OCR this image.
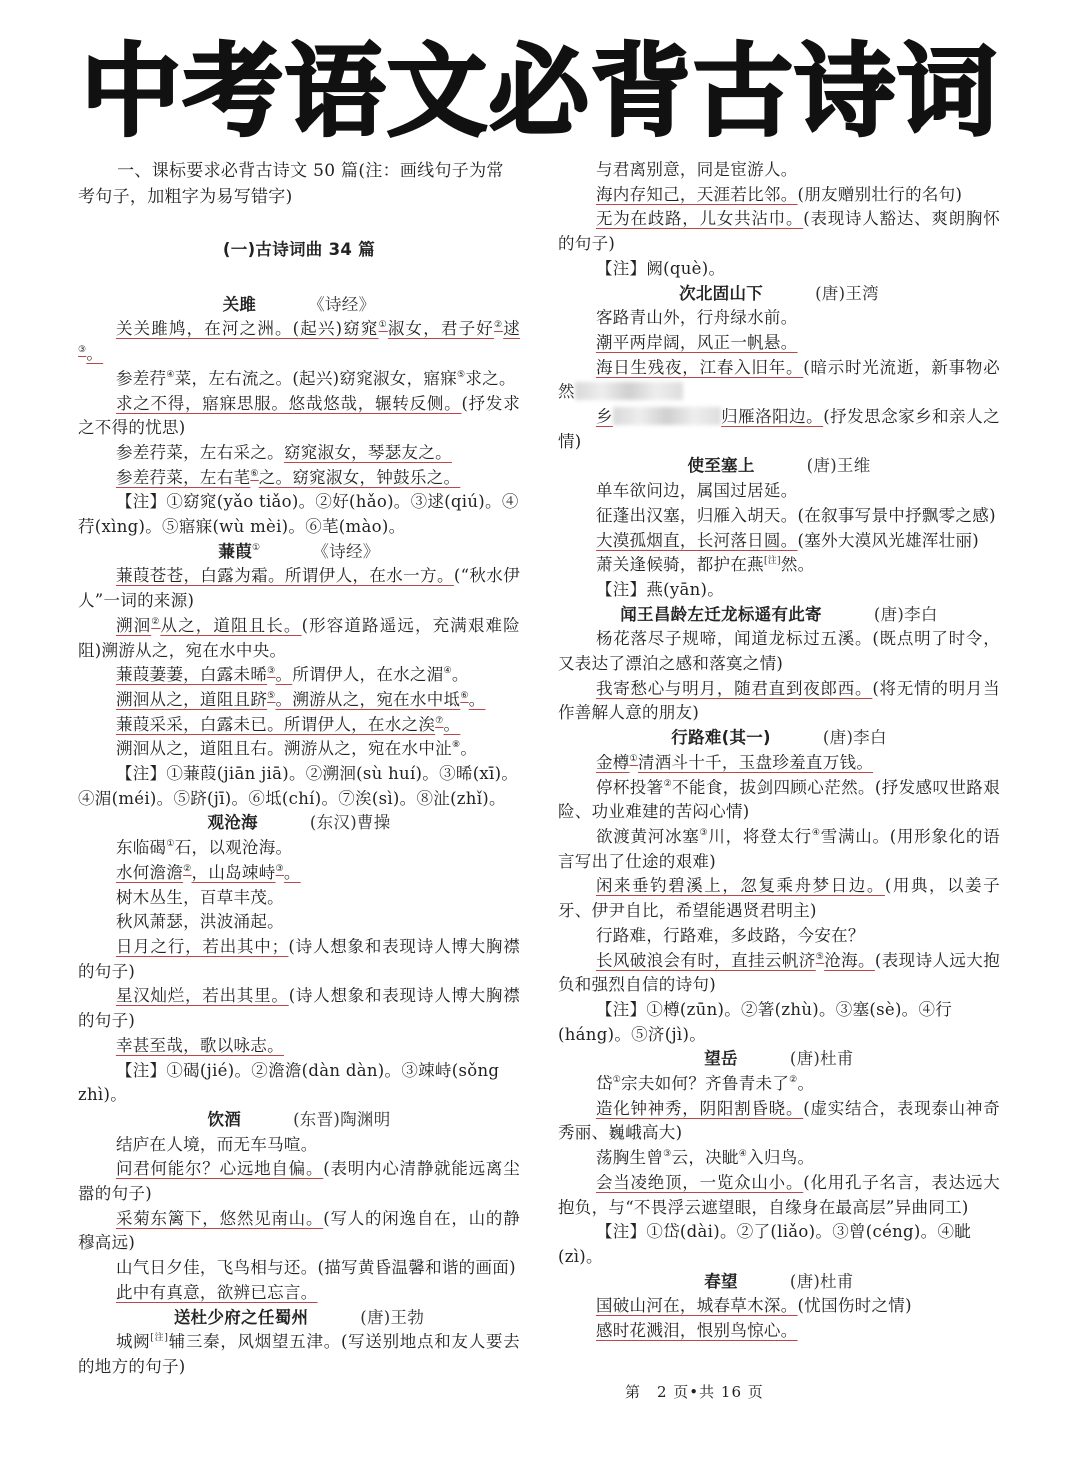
中考语文必背古诗词

一、课标要求必背古诗文 50 篇(注：画线句子为常考句子，加粗字为易写错字)

(一)古诗词曲 34 篇
关雎	《诗经》

关关雎鸠，在河之洲。(起兴)窈窕①淑女，君子好②逑③。

参差荇④菜，左右流之。(起兴)窈窕淑女，寤寐⑤求之。

求之不得，寤寐思服。悠哉悠哉，辗转反侧。(抒发求之不得的忧思)

参差荇菜，左右采之。窈窕淑女，琴瑟友之。

参差荇菜，左右芼⑥之。窈窕淑女，钟鼓乐之。

【注】①窈窕(yǎo tiǎo)。②好(hǎo)。③逑(qiú)。④荇(xìng)。⑤寤寐(wù mèi)。⑥芼(mào)。

蒹葭①	《诗经》

蒹葭苍苍，白露为霜。所谓伊人，在水一方。(“秋水伊人”一词的来源)

溯洄②从之，道阻且长。(形容道路遥远，充满艰难险阻)溯游从之，宛在水中央。

蒹葭萋萋，白露未晞③。所谓伊人，在水之湄④。

溯洄从之，道阻且跻⑤。溯游从之，宛在水中坻⑥。

蒹葭采采，白露未已。所谓伊人，在水之涘⑦。

溯洄从之，道阻且右。溯游从之，宛在水中沚⑧。

【注】①蒹葭(jiān jiā)。②溯洄(sù huí)。③晞(xī)。④湄(méi)。⑤跻(jī)。⑥坻(chí)。⑦涘(sì)。⑧沚(zhǐ)。

观沧海	(东汉)曹操

东临碣①石，以观沧海。

水何澹澹②，山岛竦峙③。

树木丛生，百草丰茂。

秋风萧瑟，洪波涌起。

日月之行，若出其中；(诗人想象和表现诗人博大胸襟的句子)

星汉灿烂，若出其里。(诗人想象和表现诗人博大胸襟的句子)

幸甚至哉，歌以咏志。

【注】①碣(jié)。②澹澹(dàn dàn)。③竦峙(sǒng zhì)。

饮酒	(东晋)陶渊明

结庐在人境，而无车马喧。

问君何能尔？心远地自偏。(表明内心清静就能远离尘嚣的句子)

采菊东篱下，悠然见南山。(写人的闲逸自在，山的静穆高远)

山气日夕佳，飞鸟相与还。(描写黄昏温馨和谐的画面)

此中有真意，欲辨已忘言。

送杜少府之任蜀州	(唐)王勃

城阙[注]辅三秦，风烟望五津。(写送别地点和友人要去的地方的句子)

与君离别意，同是宦游人。

海内存知己，天涯若比邻。(朋友赠别壮行的名句)

无为在歧路，儿女共沾巾。(表现诗人豁达、爽朗胸怀的句子)

【注】阙(què)。

次北固山下	(唐)王湾

客路青山外，行舟绿水前。

潮平两岸阔，风正一帆悬。

海日生残夜，江春入旧年。(暗示时光流逝，新事物必然

乡	归雁洛阳边。(抒发思念家乡和亲人之情)

使至塞上	(唐)王维

单车欲问边，属国过居延。

征蓬出汉塞，归雁入胡天。(在叙事写景中抒飘零之感)

大漠孤烟直，长河落日圆。(塞外大漠风光雄浑壮丽)

萧关逢候骑，都护在燕[注]然。

【注】燕(yān)。

闻王昌龄左迁龙标遥有此寄	(唐)李白

杨花落尽子规啼，闻道龙标过五溪。(既点明了时令，又表达了漂泊之感和落寞之情)

我寄愁心与明月，随君直到夜郎西。(将无情的明月当作善解人意的朋友)

行路难(其一)	(唐)李白

金樽①清酒斗十千，玉盘珍羞直万钱。

停杯投箸②不能食，拔剑四顾心茫然。(抒发感叹世路艰险、功业难建的苦闷心情)

欲渡黄河冰塞③川，将登太行④雪满山。(用形象化的语言写出了仕途的艰难)

闲来垂钓碧溪上，忽复乘舟梦日边。(用典，以姜子牙、伊尹自比，希望能遇贤君明主)

行路难，行路难，多歧路，今安在？

长风破浪会有时，直挂云帆济⑤沧海。(表现诗人远大抱负和强烈自信的诗句)

【注】①樽(zūn)。②箸(zhù)。③塞(sè)。④行(háng)。⑤济(jì)。

望岳	(唐)杜甫

岱①宗夫如何？齐鲁青未了②。

造化钟神秀，阴阳割昏晓。(虚实结合，表现泰山神奇秀丽、巍峨高大)

荡胸生曾③云，决眦④入归鸟。

会当凌绝顶，一览众山小。(化用孔子名言，表达远大抱负，与“不畏浮云遮望眼，自缘身在最高层”异曲同工)

【注】①岱(dài)。②了(liǎo)。③曾(céng)。④眦(zì)。

春望	(唐)杜甫

国破山河在，城春草木深。(忧国伤时之情)

感时花溅泪，恨别鸟惊心。

第　2 页•共 16 页
